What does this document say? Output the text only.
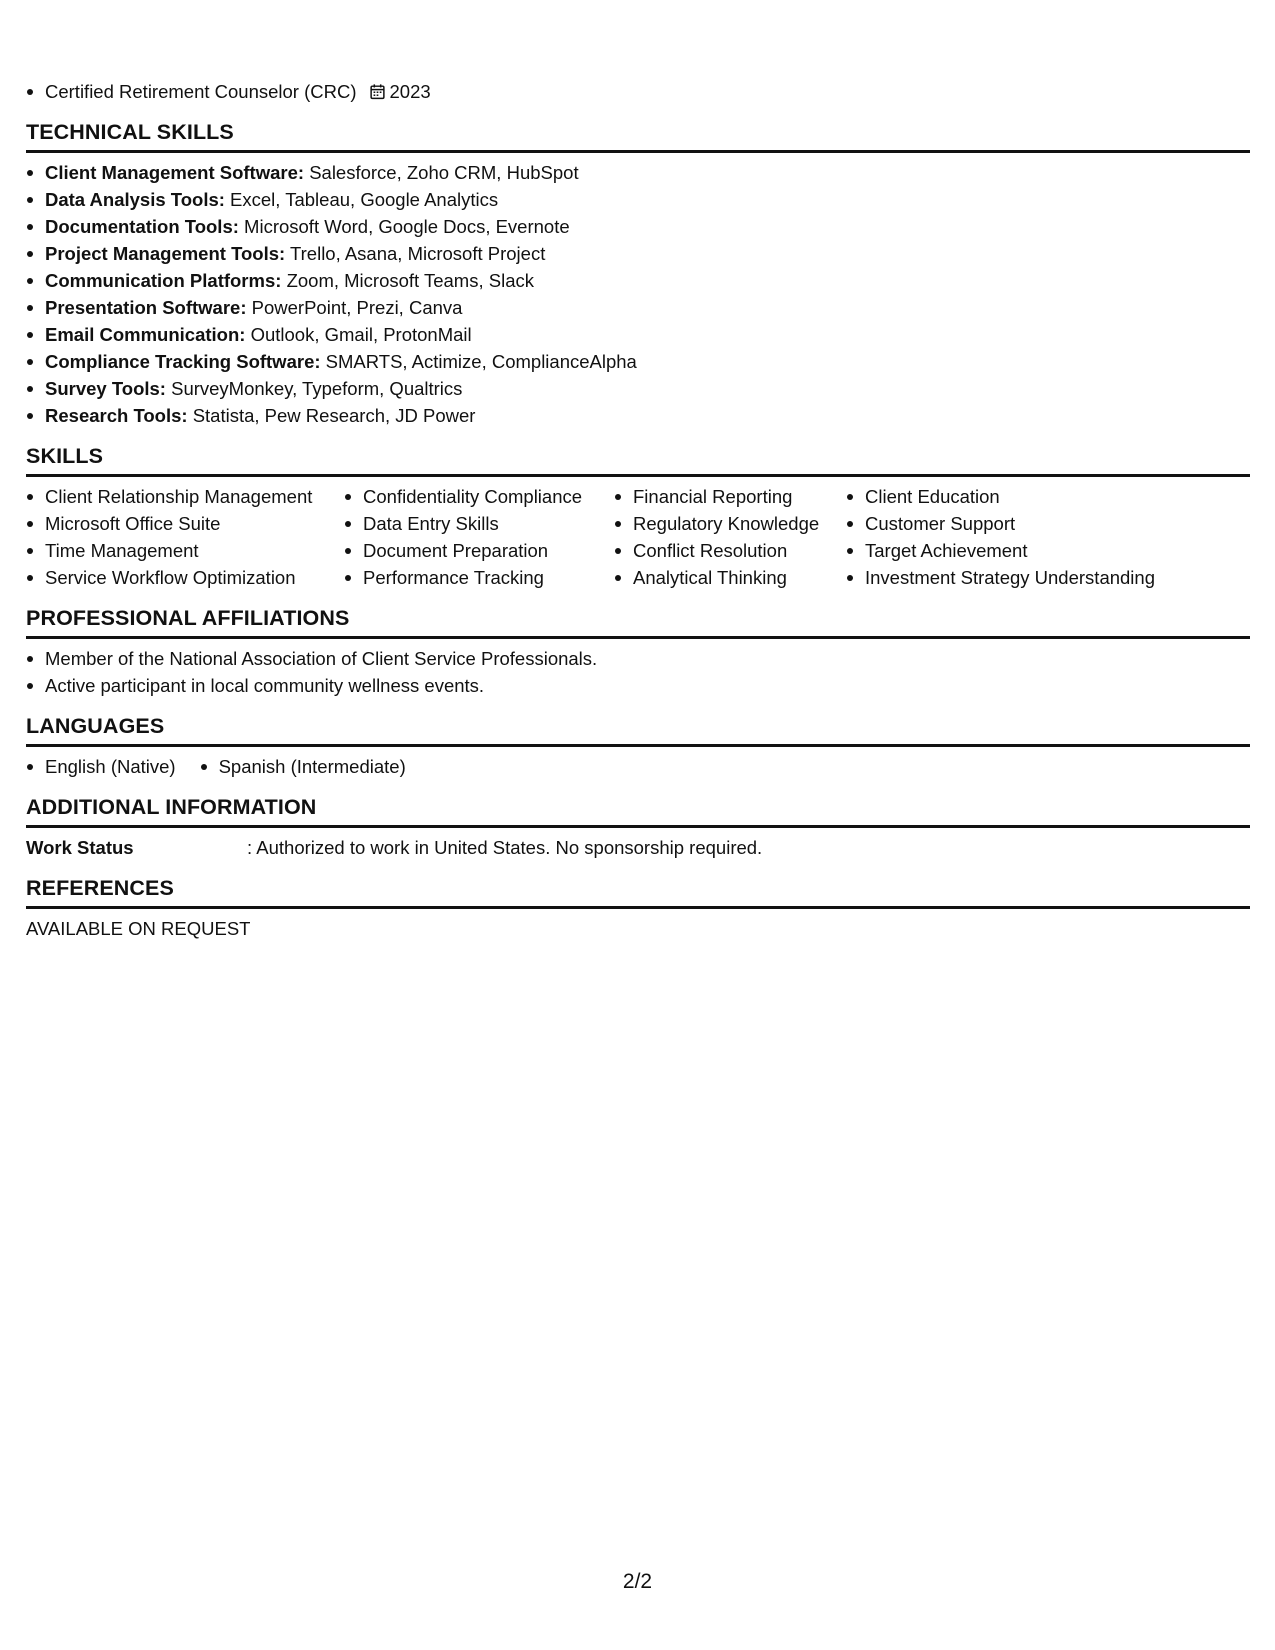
Certified Retirement Counselor (CRC) 2023
TECHNICAL SKILLS
Client Management Software: Salesforce, Zoho CRM, HubSpot
Data Analysis Tools: Excel, Tableau, Google Analytics
Documentation Tools: Microsoft Word, Google Docs, Evernote
Project Management Tools: Trello, Asana, Microsoft Project
Communication Platforms: Zoom, Microsoft Teams, Slack
Presentation Software: PowerPoint, Prezi, Canva
Email Communication: Outlook, Gmail, ProtonMail
Compliance Tracking Software: SMARTS, Actimize, ComplianceAlpha
Survey Tools: SurveyMonkey, Typeform, Qualtrics
Research Tools: Statista, Pew Research, JD Power
SKILLS
Client Relationship Management
Microsoft Office Suite
Time Management
Service Workflow Optimization
Confidentiality Compliance
Data Entry Skills
Document Preparation
Performance Tracking
Financial Reporting
Regulatory Knowledge
Conflict Resolution
Analytical Thinking
Client Education
Customer Support
Target Achievement
Investment Strategy Understanding
PROFESSIONAL AFFILIATIONS
Member of the National Association of Client Service Professionals.
Active participant in local community wellness events.
LANGUAGES
English (Native)	Spanish (Intermediate)
ADDITIONAL INFORMATION
Work Status	: Authorized to work in United States. No sponsorship required.
REFERENCES
AVAILABLE ON REQUEST
2/2
